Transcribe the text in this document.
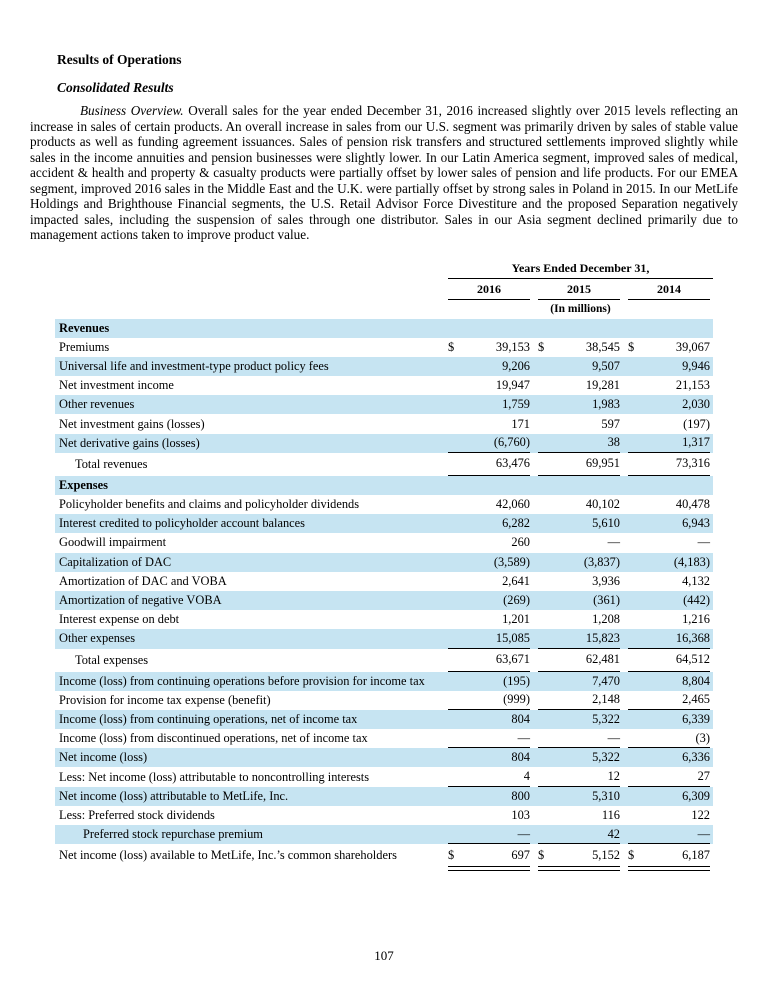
Results of Operations
Consolidated Results

Business Overview. Overall sales for the year ended December 31, 2016 increased slightly over 2015 levels reflecting an increase in sales of certain products. An overall increase in sales from our U.S. segment was primarily driven by sales of stable value products as well as funding agreement issuances. Sales of pension risk transfers and structured settlements improved slightly while sales in the income annuities and pension businesses were slightly lower. In our Latin America segment, improved sales of medical, accident & health and property & casualty products were partially offset by lower sales of pension and life products. For our EMEA segment, improved 2016 sales in the Middle East and the U.K. were partially offset by strong sales in Poland in 2015. In our MetLife Holdings and Brighthouse Financial segments, the U.S. Retail Advisor Force Divestiture and the proposed Separation negatively impacted sales, including the suspension of sales through one distributor. Sales in our Asia segment declined primarily due to management actions taken to improve product value.

Years Ended December 31,
2016	2015	2014
(In millions)
Revenues
Premiums	$	39,153 $	38,545 $	39,067
Universal life and investment-type product policy fees	9,206	9,507	9,946
Net investment income	19,947	19,281	21,153
Other revenues	1,759	1,983	2,030
Net investment gains (losses)	171	597	(197)
Net derivative gains (losses)	(6,760)	38	1,317
Total revenues	63,476	69,951	73,316
Expenses
Policyholder benefits and claims and policyholder dividends	42,060	40,102	40,478
Interest credited to policyholder account balances	6,282	5,610	6,943
Goodwill impairment	260	—	—
Capitalization of DAC	(3,589)	(3,837)	(4,183)
Amortization of DAC and VOBA	2,641	3,936	4,132
Amortization of negative VOBA	(269)	(361)	(442)
Interest expense on debt	1,201	1,208	1,216
Other expenses	15,085	15,823	16,368
Total expenses	63,671	62,481	64,512
Income (loss) from continuing operations before provision for income tax	(195)	7,470	8,804
Provision for income tax expense (benefit)	(999)	2,148	2,465
Income (loss) from continuing operations, net of income tax	804	5,322	6,339
Income (loss) from discontinued operations, net of income tax	—	—	(3)
Net income (loss)	804	5,322	6,336
Less: Net income (loss) attributable to noncontrolling interests	4	12	27
Net income (loss) attributable to MetLife, Inc.	800	5,310	6,309
Less: Preferred stock dividends	103	116	122
Preferred stock repurchase premium	—	42	—
Net income (loss) available to MetLife, Inc.’s common shareholders	$	697 $	5,152 $	6,187
107
